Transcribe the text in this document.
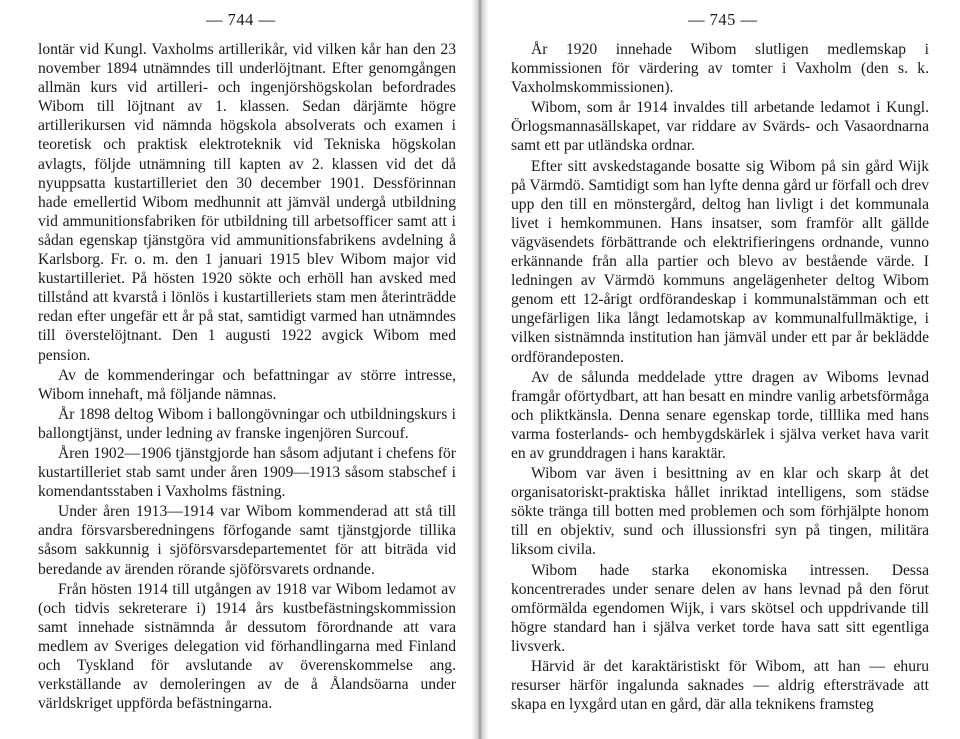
— 744 —

lontär vid Kungl. Vaxholms artillerikår, vid vilken kår han den 23 november 1894 utnämndes till underlöjtnant. Efter genomgången allmän kurs vid artilleri- och ingenjörshögskolan befordrades Wibom till löjtnant av 1. klassen. Sedan därjämte högre artillerikursen vid nämnda högskola absolverats och examen i teoretisk och praktisk elektroteknik vid Tekniska högskolan avlagts, följde utnämning till kapten av 2. klassen vid det då nyuppsatta kustartilleriet den 30 december 1901. Dessförinnan hade emellertid Wibom medhunnit att jämväl undergå utbildning vid ammunitionsfabriken för utbildning till arbetsofficer samt att i sådan egenskap tjänstgöra vid ammunitionsfabrikens avdelning å Karlsborg. Fr. o. m. den 1 januari 1915 blev Wibom major vid kustartilleriet. På hösten 1920 sökte och erhöll han avsked med tillstånd att kvarstå i lönlös i kustartilleriets stam men återinträdde redan efter ungefär ett år på stat, samtidigt varmed han utnämndes till överstelöjtnant. Den 1 augusti 1922 avgick Wibom med pension.

Av de kommenderingar och befattningar av större intresse, Wibom innehaft, må följande nämnas.

År 1898 deltog Wibom i ballongövningar och utbildningskurs i ballongtjänst, under ledning av franske ingenjören Surcouf.

Åren 1902—1906 tjänstgjorde han såsom adjutant i chefens för kustartilleriet stab samt under åren 1909—1913 såsom stabschef i komendantsstaben i Vaxholms fästning.

Under åren 1913—1914 var Wibom kommenderad att stå till andra försvarsberedningens förfogande samt tjänstgjorde tillika såsom sakkunnig i sjöförsvarsdepartementet för att biträda vid beredande av ärenden rörande sjöförsvarets ordnande.

Från hösten 1914 till utgången av 1918 var Wibom ledamot av (och tidvis sekreterare i) 1914 års kustbefästningskommission samt innehade sistnämnda år dessutom förordnande att vara medlem av Sveriges delegation vid förhandlingarna med Finland och Tyskland för avslutande av överenskommelse ang. verkställande av demoleringen av de å Ålandsöarna under världskriget uppförda befästningarna.

— 745 —

År 1920 innehade Wibom slutligen medlemskap i kommissionen för värdering av tomter i Vaxholm (den s. k. Vaxholmskommissionen).

Wibom, som år 1914 invaldes till arbetande ledamot i Kungl. Örlogsmannasällskapet, var riddare av Svärds- och Vasaordnarna samt ett par utländska ordnar.

Efter sitt avskedstagande bosatte sig Wibom på sin gård Wijk på Värmdö. Samtidigt som han lyfte denna gård ur förfall och drev upp den till en mönstergård, deltog han livligt i det kommunala livet i hemkommunen. Hans insatser, som framför allt gällde vägväsendets förbättrande och elektrifieringens ordnande, vunno erkännande från alla partier och blevo av bestående värde. I ledningen av Värmdö kommuns angelägenheter deltog Wibom genom ett 12-årigt ordförandeskap i kommunalstämman och ett ungefärligen lika långt ledamotskap av kommunalfullmäktige, i vilken sistnämnda institution han jämväl under ett par år beklädde ordförandeposten.

Av de sålunda meddelade yttre dragen av Wiboms levnad framgår oförtydbart, att han besatt en mindre vanlig arbetsförmåga och pliktkänsla. Denna senare egenskap torde, tilllika med hans varma fosterlands- och hembygdskärlek i själva verket hava varit en av grunddragen i hans karaktär.

Wibom var även i besittning av en klar och skarp åt det organisatoriskt-praktiska hållet inriktad intelligens, som städse sökte tränga till botten med problemen och som förhjälpte honom till en objektiv, sund och illussionsfri syn på tingen, militära liksom civila.

Wibom hade starka ekonomiska intressen. Dessa koncentrerades under senare delen av hans levnad på den förut omförmälda egendomen Wijk, i vars skötsel och uppdrivande till högre standard han i själva verket torde hava satt sitt egentliga livsverk.

Härvid är det karaktäristiskt för Wibom, att han — ehuru resurser härför ingalunda saknades — aldrig eftersträvade att skapa en lyxgård utan en gård, där alla teknikens framsteg
